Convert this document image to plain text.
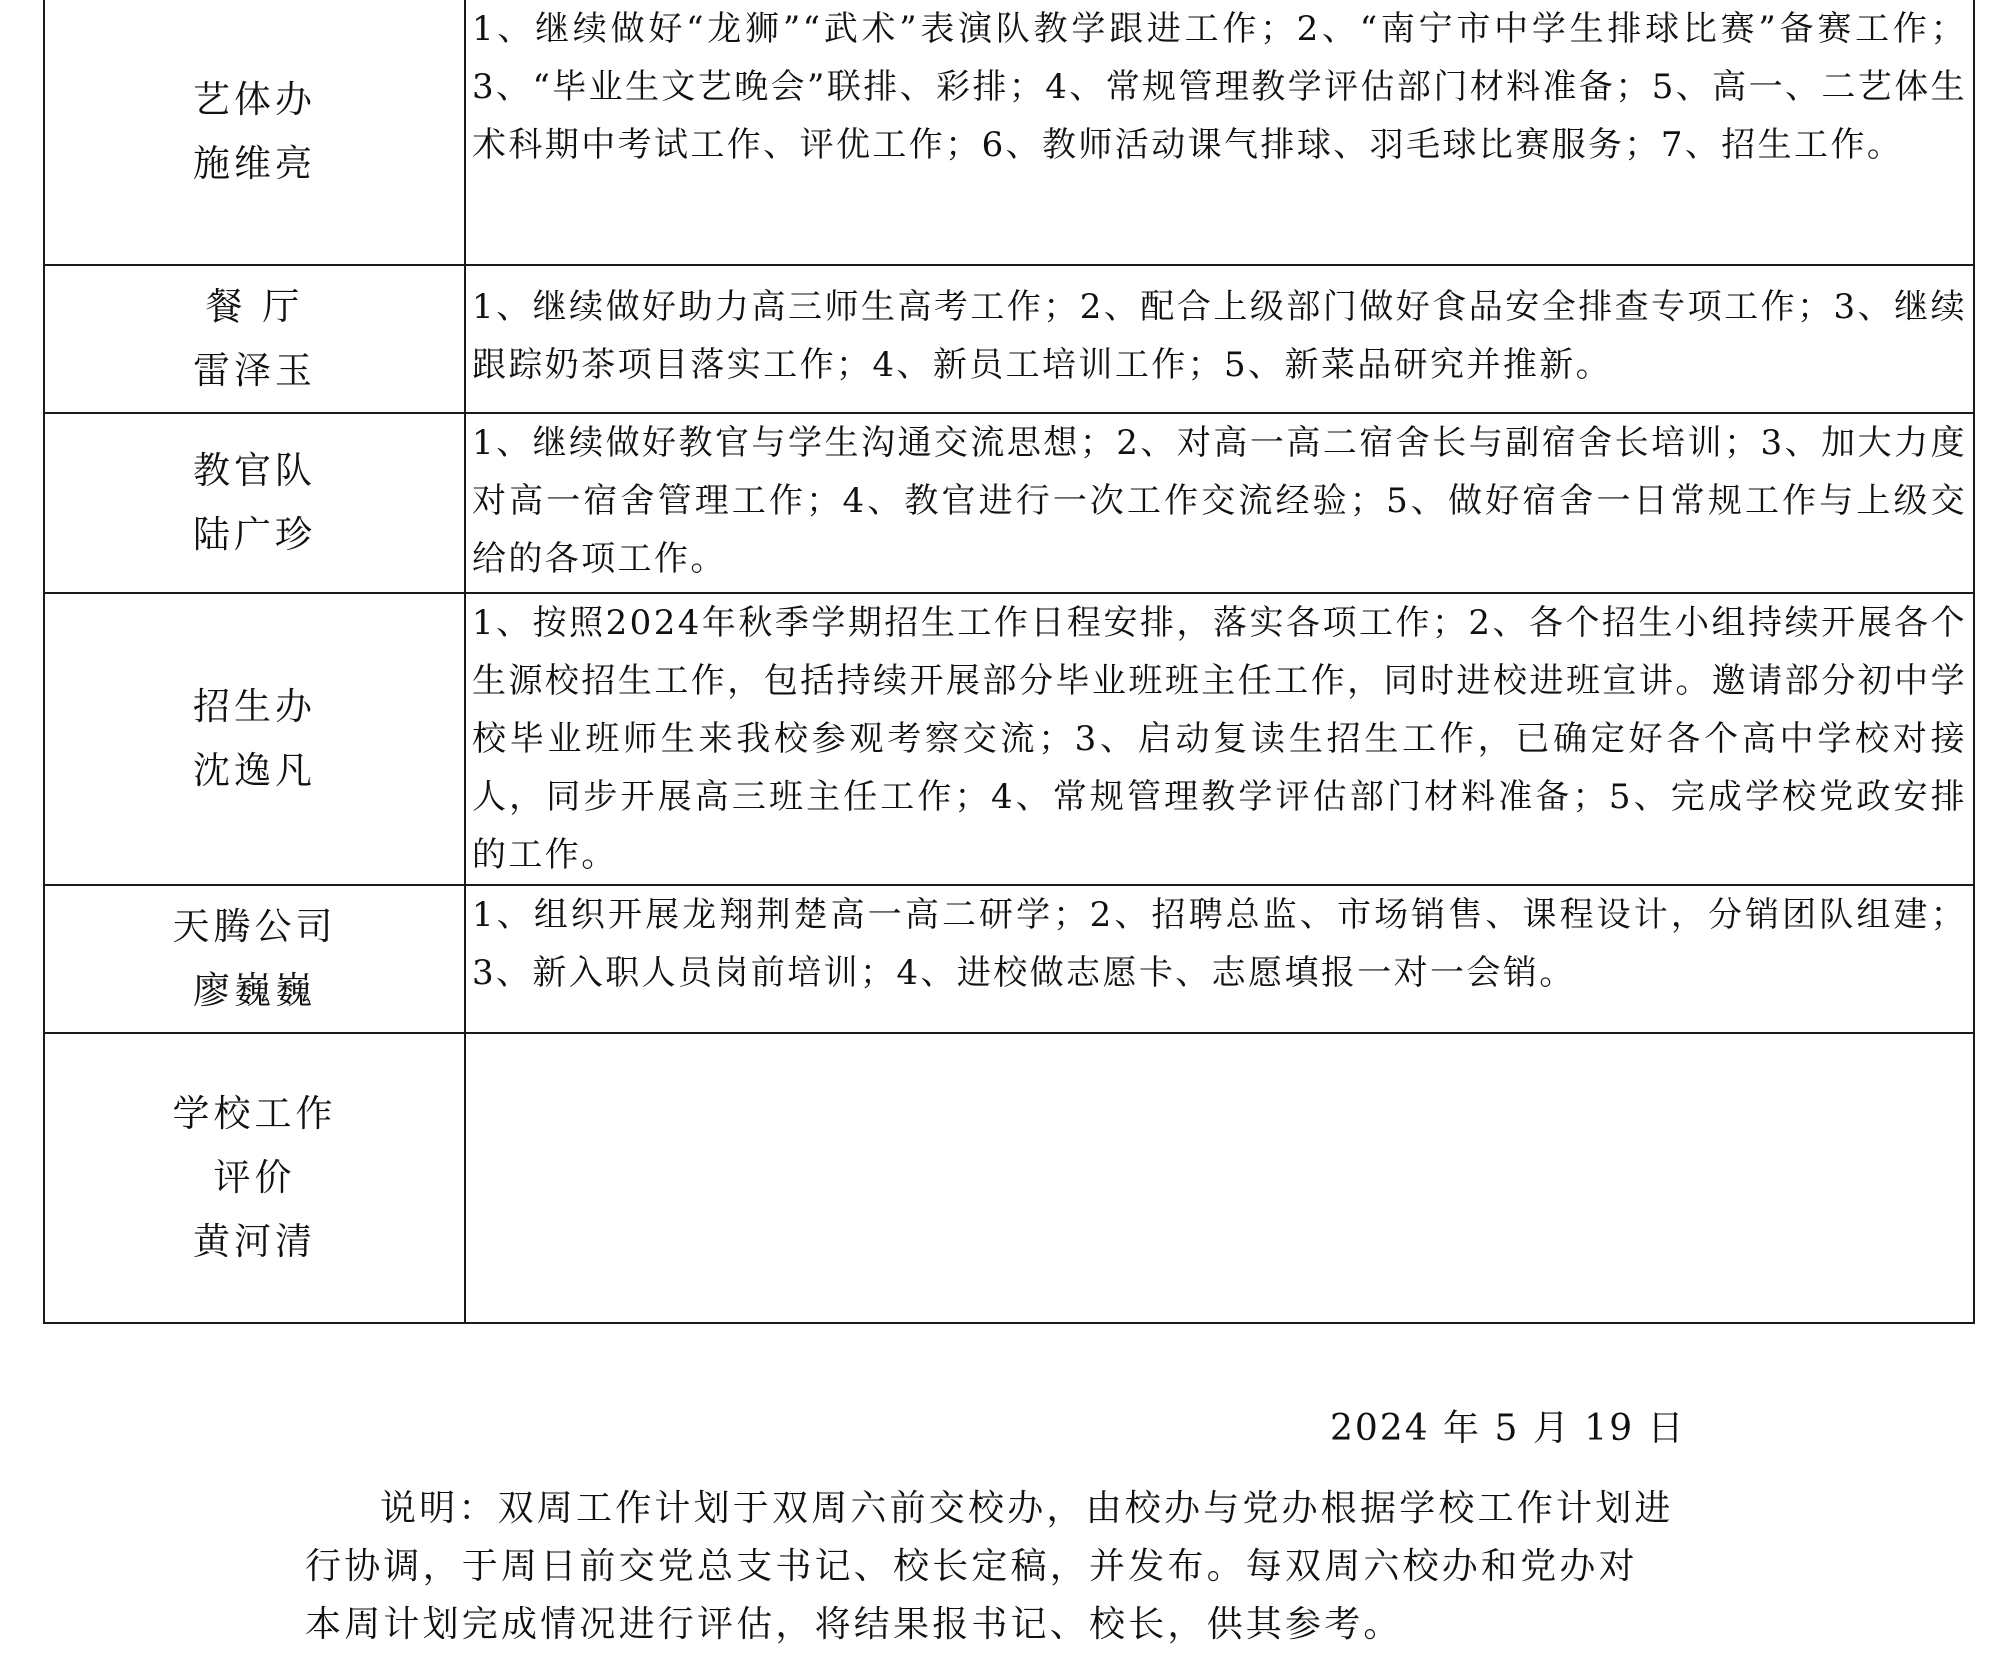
艺体办
施维亮	1、继续做好“龙狮”“武术”表演队教学跟进工作；2、“南宁市中学生排球比赛”备赛工作；3、“毕业生文艺晚会”联排、彩排；4、常规管理教学评估部门材料准备；5、高一、二艺体生术科期中考试工作、评优工作；6、教师活动课气排球、羽毛球比赛服务；7、招生工作。

餐 厅
雷泽玉	1、继续做好助力高三师生高考工作；2、配合上级部门做好食品安全排查专项工作；3、继续跟踪奶茶项目落实工作；4、新员工培训工作；5、新菜品研究并推新。

教官队
陆广珍	1、继续做好教官与学生沟通交流思想；2、对高一高二宿舍长与副宿舍长培训；3、加大力度对高一宿舍管理工作；4、教官进行一次工作交流经验；5、做好宿舍一日常规工作与上级交给的各项工作。

招生办
沈逸凡	1、按照2024年秋季学期招生工作日程安排，落实各项工作；2、各个招生小组持续开展各个生源校招生工作，包括持续开展部分毕业班班主任工作，同时进校进班宣讲。邀请部分初中学校毕业班师生来我校参观考察交流；3、启动复读生招生工作，已确定好各个高中学校对接人，同步开展高三班主任工作；4、常规管理教学评估部门材料准备；5、完成学校党政安排的工作。

天腾公司
廖巍巍	1、组织开展龙翔荆楚高一高二研学；2、招聘总监、市场销售、课程设计，分销团队组建；3、新入职人员岗前培训；4、进校做志愿卡、志愿填报一对一会销。

学校工作
评价
黄河清	

2024 年 5 月 19 日
说明：双周工作计划于双周六前交校办，由校办与党办根据学校工作计划进
行协调，于周日前交党总支书记、校长定稿，并发布。每双周六校办和党办对
本周计划完成情况进行评估，将结果报书记、校长，供其参考。
